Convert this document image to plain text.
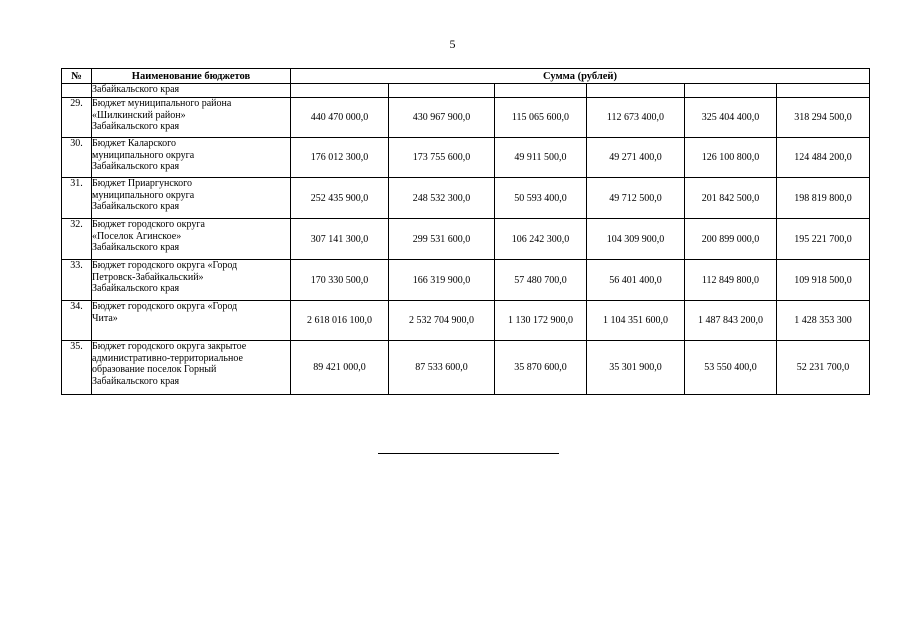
5
№	Наименование бюджетов	Сумма (рублей)					

	Забайкальского края						

29.	Бюджет муниципального района
«Шилкинский район»
Забайкальского края	440 470 000,0	430 967 900,0	115 065 600,0	112 673 400,0	325 404 400,0	318 294 500,0
30.	Бюджет Каларского
муниципального округа
Забайкальского края	176 012 300,0	173 755 600,0	49 911 500,0	49 271 400,0	126 100 800,0	124 484 200,0
31.	Бюджет Приаргунского
муниципального округа
Забайкальского края	252 435 900,0	248 532 300,0	50 593 400,0	49 712 500,0	201 842 500,0	198 819 800,0
32.	Бюджет городского округа
«Поселок Агинское»
Забайкальского края	307 141 300,0	299 531 600,0	106 242 300,0	104 309 900,0	200 899 000,0	195 221 700,0
33.	Бюджет городского округа «Город
Петровск-Забайкальский»
Забайкальского края	170 330 500,0	166 319 900,0	57 480 700,0	56 401 400,0	112 849 800,0	109 918 500,0
34.	Бюджет городского округа «Город
Чита»	2 618 016 100,0	2 532 704 900,0	1 130 172 900,0	1 104 351 600,0	1 487 843 200,0	1 428 353 300
35.	Бюджет городского округа закрытое
административно-территориальное
образование поселок Горный
Забайкальского края	89 421 000,0	87 533 600,0	35 870 600,0	35 301 900,0	53 550 400,0	52 231 700,0
